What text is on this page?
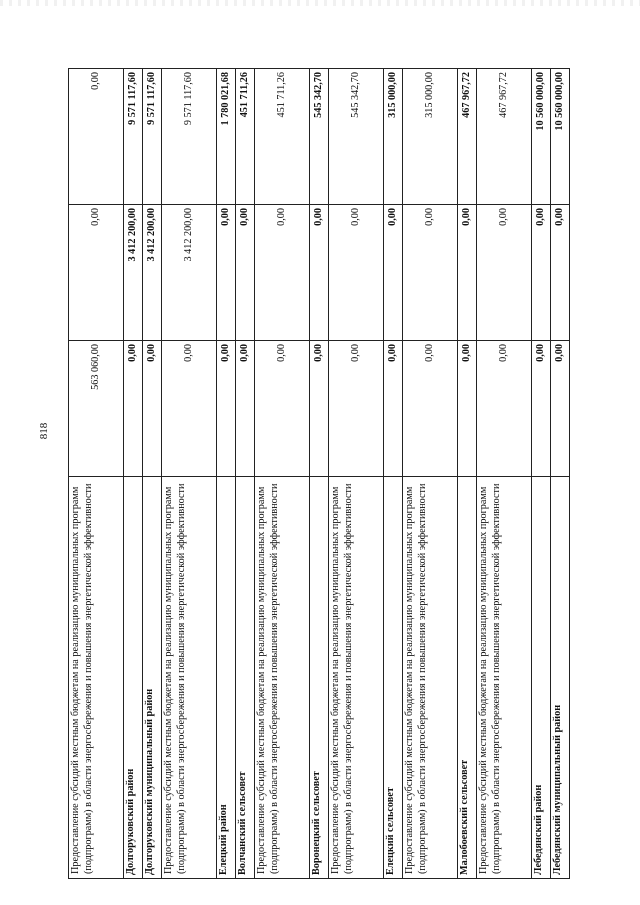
818
Предоставление субсидий местным бюджетам на реализацию муниципальных программ (подпрограмм) в области энергосбережения и повышения энергетической эффективности	563 060,00	0,00	0,00
Долгоруковский район	0,00	3 412 200,00	9 571 117,60
Долгоруковский муниципальный район	0,00	3 412 200,00	9 571 117,60
Предоставление субсидий местным бюджетам на реализацию муниципальных программ (подпрограмм) в области энергосбережения и повышения энергетической эффективности	0,00	3 412 200,00	9 571 117,60
Елецкий район	0,00	0,00	1 780 021,68
Волчанский сельсовет	0,00	0,00	451 711,26
Предоставление субсидий местным бюджетам на реализацию муниципальных программ (подпрограмм) в области энергосбережения и повышения энергетической эффективности	0,00	0,00	451 711,26
Воронецкий сельсовет	0,00	0,00	545 342,70
Предоставление субсидий местным бюджетам на реализацию муниципальных программ (подпрограмм) в области энергосбережения и повышения энергетической эффективности	0,00	0,00	545 342,70
Елецкий сельсовет	0,00	0,00	315 000,00
Предоставление субсидий местным бюджетам на реализацию муниципальных программ (подпрограмм) в области энергосбережения и повышения энергетической эффективности	0,00	0,00	315 000,00
Малобоевский сельсовет	0,00	0,00	467 967,72
Предоставление субсидий местным бюджетам на реализацию муниципальных программ (подпрограмм) в области энергосбережения и повышения энергетической эффективности	0,00	0,00	467 967,72
Лебедянский район	0,00	0,00	10 560 000,00
Лебедянский муниципальный район	0,00	0,00	10 560 000,00
